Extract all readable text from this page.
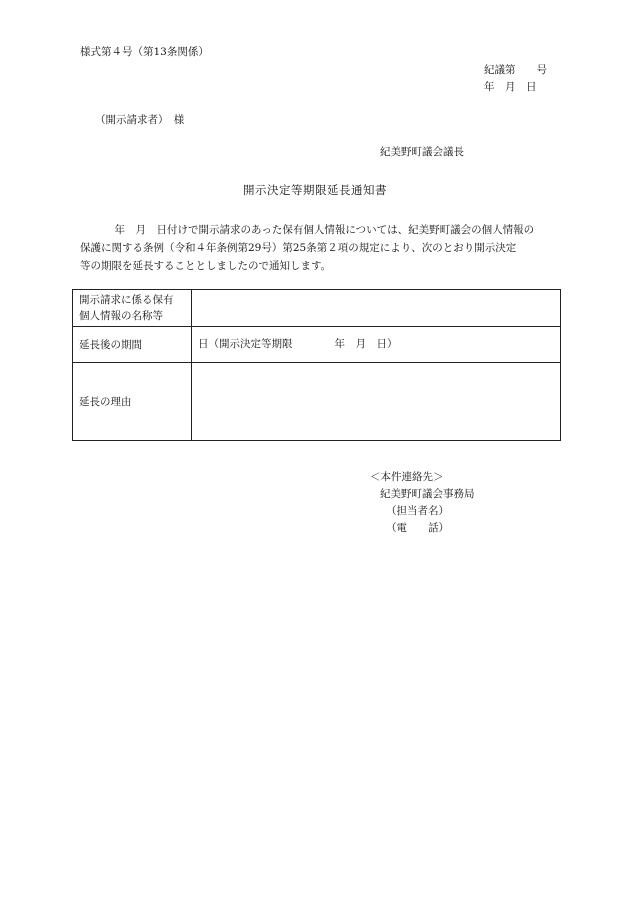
様式第４号（第13条関係）
紀議第　　号
年　月　日
（開示請求者）　様
紀美野町議会議長
開示決定等期限延長通知書
　年　月　日付けで開示請求のあった保有個人情報については、紀美野町議会の個人情報の
保護に関する条例（令和４年条例第29号）第25条第２項の規定により、次のとおり開示決定
等の期限を延長することとしましたので通知します。
開示請求に係る保有
個人情報の名称等	

延長後の期間	日（開示決定等期限　　　　年　月　日）
延長の理由	
＜本件連絡先＞
紀美野町議会事務局
（担当者名）
（電　　話）
